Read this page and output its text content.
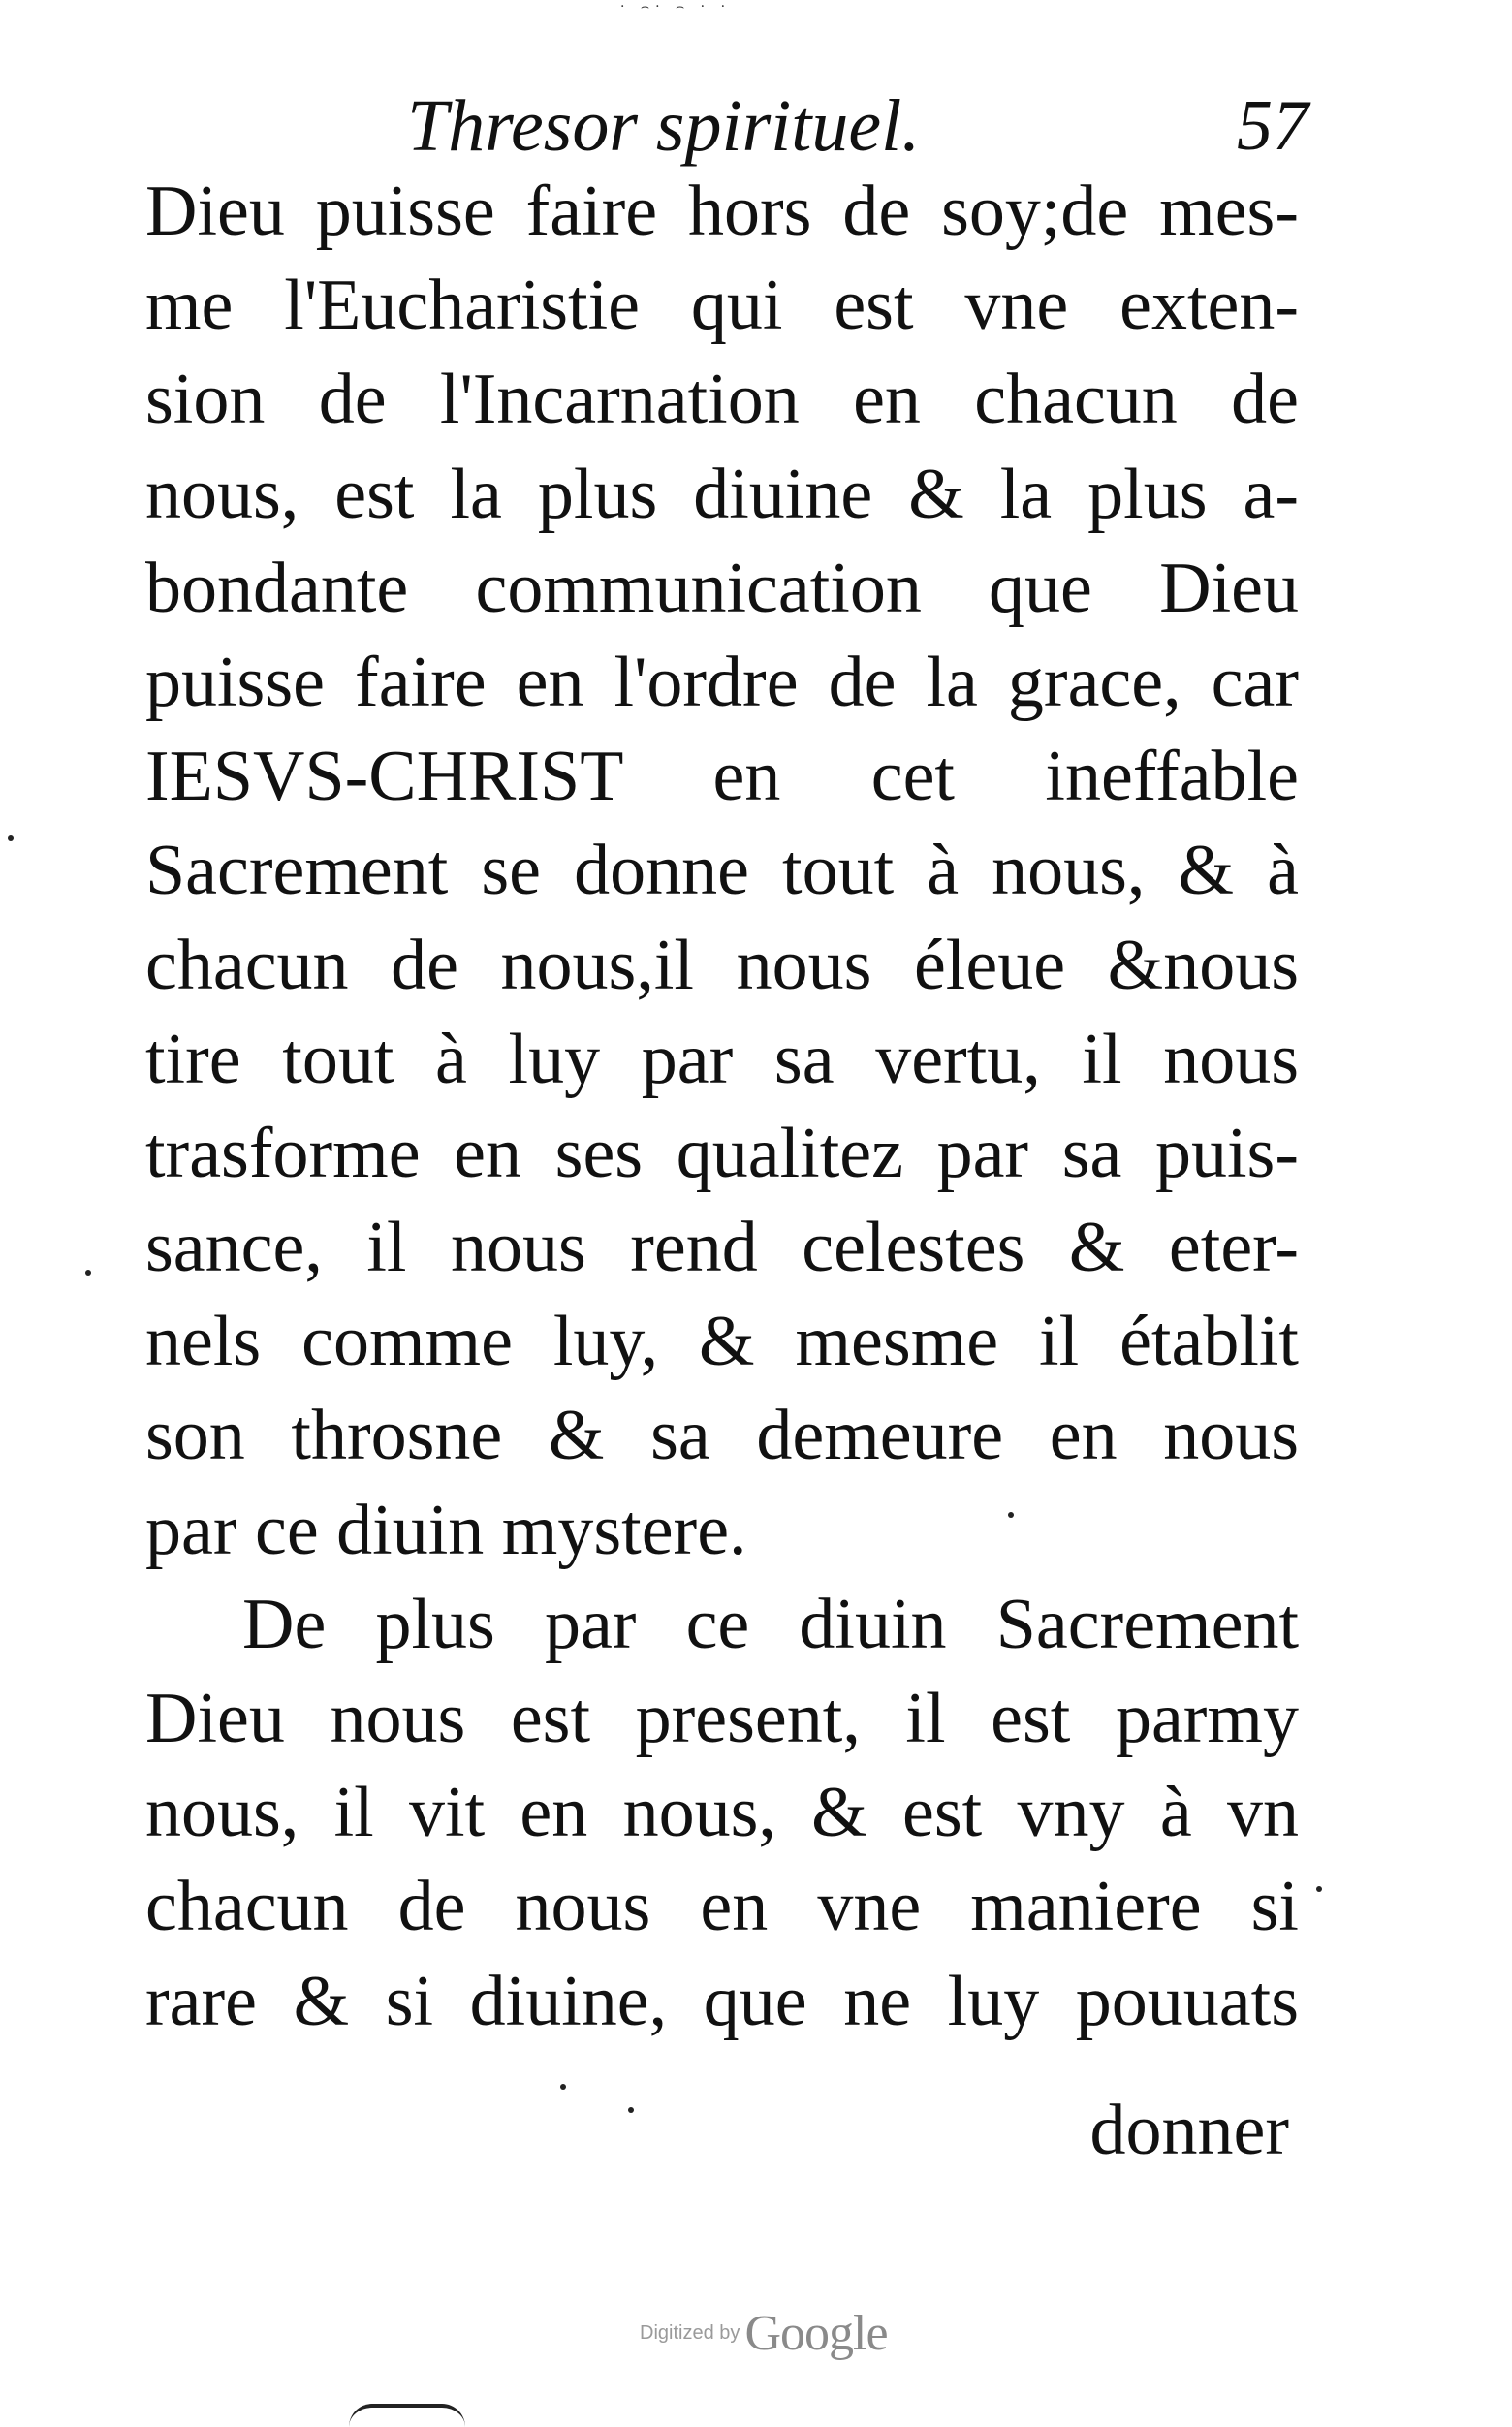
· ⌢· ⌢ · ·
Thresor spirituel.	57
Dieu puisse faire hors de soy;de mes-
me l'Eucharistie qui est vne exten-
sion de l'Incarnation en chacun de
nous, est la plus diuine & la plus a-
bondante communication que Dieu
puisse faire en l'ordre de la grace, car
IESVS-CHRIST en cet ineffable
Sacrement se donne tout à nous, & à
chacun de nous,il nous éleue &nous
tire tout à luy par sa vertu, il nous
trasforme en ses qualitez par sa puis-
sance, il nous rend celestes & eter-
nels comme luy, & mesme il établit
son throsne & sa demeure en nous
par ce diuin mystere.
De plus par ce diuin Sacrement
Dieu nous est present, il est parmy
nous, il vit en nous, & est vny à vn
chacun de nous en vne maniere si
rare & si diuine, que ne luy pouuats
donner
Digitized by Google
